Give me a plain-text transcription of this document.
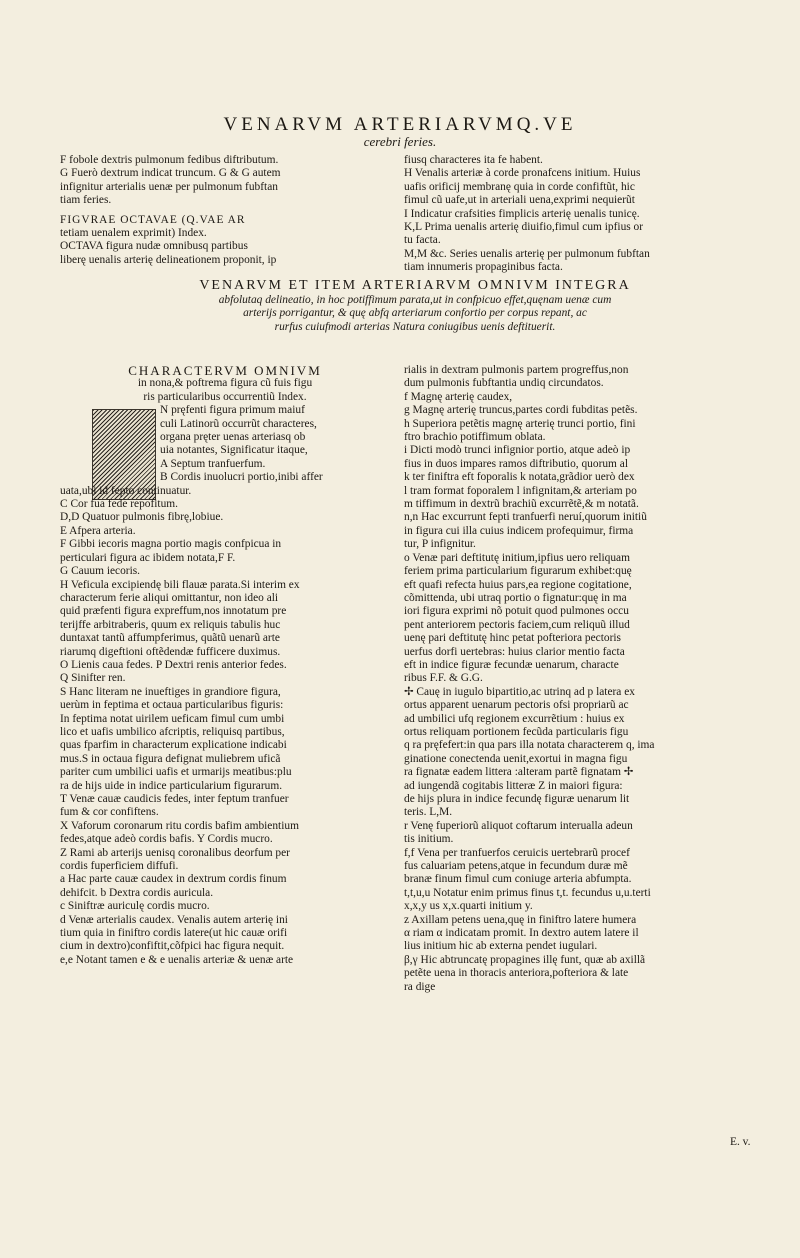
VENARVM ARTERIARVMQ.VE
cerebri feries.

F fobole dextris pulmonum fedibus diftributum.

G Fuerò dextrum indicat truncum. G & G autem

infignitur arterialis uenæ per pulmonum fubftan

tiam feries.

FIGVRAE OCTAVAE (Q.VAE AR

tetiam uenalem exprimit) Index.

OCTAVA figura nudæ omnibusq partibus

liberę uenalis arterię delineationem proponit, ip

fiusq characteres ita fe habent.

H Venalis arteriæ à corde pronafcens initium. Huius

uafis orificij membranę quia in corde confiftũt, hic

fimul cũ uafe,ut in arteriali uena,exprimi nequierũt

I Indicatur crafsities fimplicis arterię uenalis tunicę.

K,L Prima uenalis arterię diuifio,fimul cum ipfius or

tu facta.

M,M &c. Series uenalis arterię per pulmonum fubftan

tiam innumeris propaginibus facta.

VENARVM ET ITEM ARTERIARVM OMNIVM INTEGRA

abfolutaq delineatio, in hoc potiffimum parata,ut in confpicuo effet,quęnam uenæ cum

arterijs porrigantur, & quę abfq arteriarum confortio per corpus repant, ac

rurfus cuiufmodi arterias Natura coniugibus uenis deftituerit.

CHARACTERVM OMNIVM

in nona,& poftrema figura cũ fuis figu

ris particularibus occurrentiũ Index.

N pręfenti figura primum maiuf

culi Latinorũ occurrũt characteres,

organa pręter uenas arteriasq ob

uia notantes, Significatur itaque,

A Septum tranfuerfum.

B Cordis inuolucri portio,inibi affer

uata,ubi id fepto continuatur.

C Cor fua fede repofitum.

D,D Quatuor pulmonis fibrę,lobiue.

E Afpera arteria.

F Gibbi iecoris magna portio magis confpicua in

perticulari figura ac ibidem notata,F F.

G Cauum iecoris.

H Veficula excipiendę bili flauæ parata.Si interim ex

characterum ferie aliqui omittantur, non ideo ali

quid præfenti figura expreffum,nos innotatum pre

terijffe arbitraberis, quum ex reliquis tabulis huc

duntaxat tantũ affumpferimus, quãtũ uenarũ arte

riarumq digeftioni oftẽdendæ fufficere duximus.

O Lienis caua fedes. P Dextri renis anterior fedes.

Q Sinifter ren.

S Hanc literam ne inueftiges in grandiore figura,

uerùm in feptima et octaua particularibus figuris:

In feptima notat uirilem ueficam fimul cum umbi

lico et uafis umbilico afcriptis, reliquisq partibus,

quas fparfim in characterum explicatione indicabi

mus.S in octaua figura defignat muliebrem uficã

pariter cum umbilici uafis et urmarijs meatibus:plu

ra de hijs uide in indice particularium figurarum.

T Venæ cauæ caudicis fedes, inter feptum tranfuer

fum & cor confiftens.

X Vaforum coronarum ritu cordis bafim ambientium

fedes,atque adeò cordis bafis. Y Cordis mucro.

Z Rami ab arterijs uenisq coronalibus deorfum per

cordis fuperficiem diffufi.

a Hac parte cauæ caudex in dextrum cordis finum

dehifcit. b Dextra cordis auricula.

c Siniftræ auriculę cordis mucro.

d Venæ arterialis caudex. Venalis autem arterię ini

tium quia in finiftro cordis latere(ut hic cauæ orifi

cium in dextro)confiftit,cõfpici hac figura nequit.

e,e Notant tamen e & e uenalis arteriæ & uenæ arte

rialis in dextram pulmonis partem progreffus,non

dum pulmonis fubftantia undiq circundatos.

f Magnę arterię caudex,

g Magnę arterię truncus,partes cordi fubditas petẽs.

h Superiora petẽtis magnę arterię trunci portio, fini

ftro brachio potiffimum oblata.

i Dicti modò trunci infignior portio, atque adeò ip

fius in duos impares ramos diftributio, quorum al

k ter finiftra eft foporalis k notata,grãdior uerò dex

l tram format foporalem l infignitam,& arteriam po

m tiffimum in dextrũ brachiũ excurrẽtẽ,& m notatã.

n,n Hac excurrunt fepti tranfuerfi neruí,quorum initiũ

in figura cui illa cuius indicem profequimur, firma

tur, P infignitur.

o Venæ pari deftitutę initium,ipfius uero reliquam

feriem prima particularium figurarum exhibet:quę

eft quafi refecta huius pars,ea regione cogitatione,

cõmittenda, ubi utraq portio o fignatur:quę in ma

iori figura exprimi nõ potuit quod pulmones occu

pent anteriorem pectoris faciem,cum reliquũ illud

uenę pari deftitutę hinc petat pofteriora pectoris

uerfus dorfi uertebras: huius clarior mentio facta

eft in indice figuræ fecundæ uenarum, characte

ribus F.F. & G.G.

✢ Cauę in iugulo bipartitio,ac utrinq ad p latera ex

ortus apparent uenarum pectoris ofsi propriarũ ac

ad umbilici ufq regionem excurrẽtium : huius ex

ortus reliquam portionem fecũda particularis figu

q ra pręfefert:in qua pars illa notata characterem q, ima

ginatione conectenda uenit,exortui in magna figu

ra fignatæ eadem littera :alteram partẽ fignatam ✢

ad iungendã cogitabis litteræ Z in maiori figura:

de hijs plura in indice fecundę figuræ uenarum lit

teris. L,M.

r Venę fuperiorũ aliquot coftarum interualla adeun

tis initium.

f,f Vena per tranfuerfos ceruicis uertebrarũ procef

fus caluariam petens,atque in fecundum duræ mẽ

branæ finum fimul cum coniuge arteria abfumpta.

t,t,u,u Notatur enim primus finus t,t. fecundus u,u.terti

x,x,y us x,x.quarti initium y.

z Axillam petens uena,quę in finiftro latere humera

α riam α indicatam promit. In dextro autem latere il

lius initium hic ab externa pendet iugulari.

β,γ Hic abtruncatę propagines illę funt, quæ ab axillã

petẽte uena in thoracis anteriora,pofteriora & late

ra dige

E. v.
